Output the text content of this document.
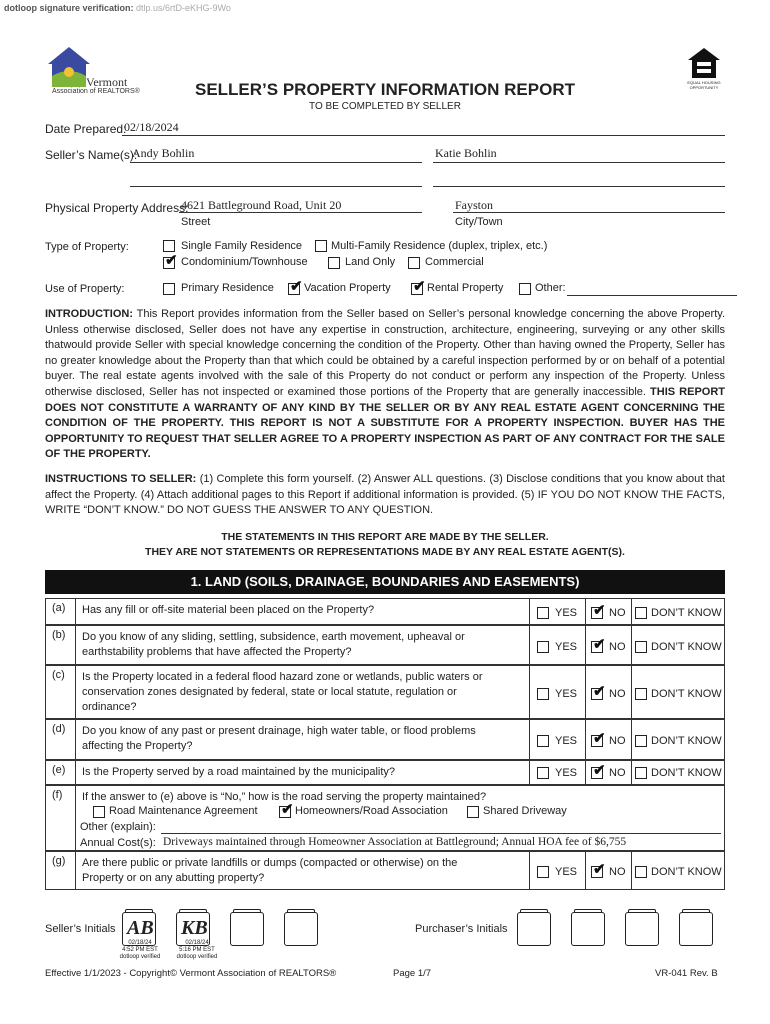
dotloop signature verification: dtlp.us/6rtD-eKHG-9Wo
Vermont
Association of REALTORS®
EQUAL HOUSING OPPORTUNITY
SELLER’S PROPERTY INFORMATION REPORT
TO BE COMPLETED BY SELLER
Date Prepared:
02/18/2024
Seller’s Name(s):
Andy Bohlin	Katie Bohlin
Physical Property Address:
4621 Battleground Road, Unit 20
Street
Fayston
City/Town
Type of Property:	Single Family Residence	Multi-Family Residence (duplex, triplex, etc.)
✔ Condominium/Townhouse	Land Only	Commercial
Use of Property:	Primary Residence ✔ Vacation Property ✔ Rental Property	Other:
INTRODUCTION: This Report provides information from the Seller based on Seller’s personal knowledge concerning the above Property. Unless otherwise disclosed, Seller does not have any expertise in construction, architecture, engineering, surveying or any other skills thatwould provide Seller with special knowledge concerning the condition of the Property. Other than having owned the Property, Seller has no greater knowledge about the Property than that which could be obtained by a careful inspection performed by or on behalf of a potential buyer. The real estate agents involved with the sale of this Property do not conduct or perform any inspection of the Property. Unless otherwise disclosed, Seller has not inspected or examined those portions of the Property that are generally inaccessible. THIS REPORT DOES NOT CONSTITUTE A WARRANTY OF ANY KIND BY THE SELLER OR BY ANY REAL ESTATE AGENT CONCERNING THE CONDITION OF THE PROPERTY. THIS REPORT IS NOT A SUBSTITUTE FOR A PROPERTY INSPECTION. BUYER HAS THE OPPORTUNITY TO REQUEST THAT SELLER AGREE TO A PROPERTY INSPECTION AS PART OF ANY CONTRACT FOR THE SALE OF THE PROPERTY.
INSTRUCTIONS TO SELLER: (1) Complete this form yourself. (2) Answer ALL questions. (3) Disclose conditions that you know about that affect the Property. (4) Attach additional pages to this Report if additional information is provided. (5) IF YOU DO NOT KNOW THE FACTS, WRITE “DON’T KNOW.” DO NOT GUESS THE ANSWER TO ANY QUESTION.
THE STATEMENTS IN THIS REPORT ARE MADE BY THE SELLER.
THEY ARE NOT STATEMENTS OR REPRESENTATIONS MADE BY ANY REAL ESTATE AGENT(S).
1. LAND (SOILS, DRAINAGE, BOUNDARIES AND EASEMENTS)
(a)	Has any fill or off-site material been placed on the Property?	YES ✔ NO DON’T KNOW
(b)	Do you know of any sliding, settling, subsidence, earth movement, upheaval or earthstability problems that have affected the Property?	YES ✔ NO DON’T KNOW
(c)	Is the Property located in a federal flood hazard zone or wetlands, public waters or conservation zones designated by federal, state or local statute, regulation or ordinance?
YES ✔ NO DON’T KNOW
(d)	Do you know of any past or present drainage, high water table, or flood problems affecting the Property?	YES ✔ NO DON’T KNOW
(e)	Is the Property served by a road maintained by the municipality?	YES ✔ NO DON’T KNOW
(f)	If the answer to (e) above is “No,” how is the road serving the property maintained?
Road Maintenance Agreement ✔ Homeowners/Road Association	Shared Driveway
Other (explain):
Annual Cost(s): Driveways maintained through Homeowner Association at Battleground; Annual HOA fee of $6,755
(g)	Are there public or private landfills or dumps (compacted or otherwise) on the Property or on any abutting property?	YES ✔ NO DON’T KNOW
Seller’s Initials AB KB
02/18/24
4:52 PM EST
dotloop verified
02/18/24
5:16 PM EST
dotloop verified
Purchaser’s Initials
Effective 1/1/2023 - Copyright© Vermont Association of REALTORS®	Page 1/7	VR-041 Rev. B
